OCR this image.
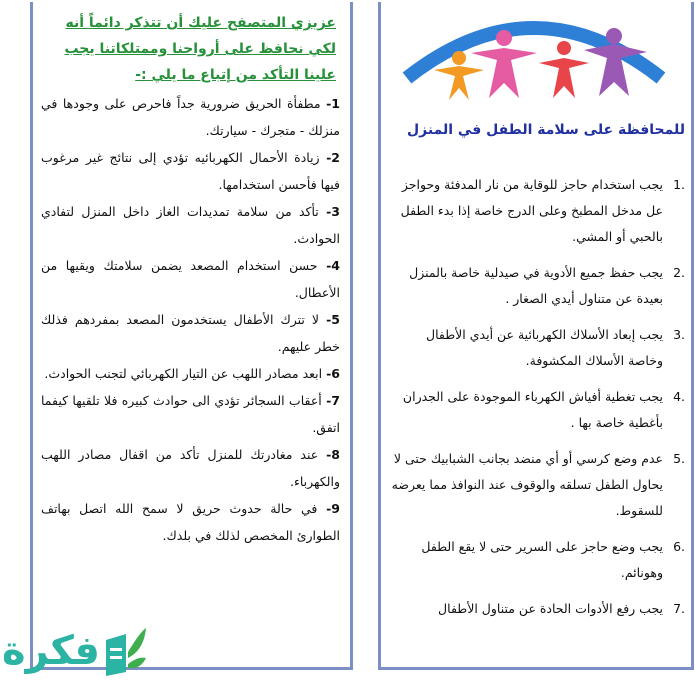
عزيزي المتصفح عليك أن تتذكر دائماً أنه لكي نحافظ على أرواحنا وممتلكاتنا يجب علينا التأكد من إتباع ما يلي :-
1- مطفأة الحريق ضرورية جداً فاحرص على وجودها في منزلك - متجرك - سيارتك.
2- زيادة الأحمال الكهربائيه تؤدي إلى نتائج غير مرغوب فيها فأحسن استخدامها.
3- تأكد من سلامة تمديدات الغاز داخل المنزل لتفادي الحوادث.
4- حسن استخدام المصعد يضمن سلامتك ويقيها من الأعطال.
5- لا تترك الأطفال يستخدمون المصعد بمفردهم فذلك خطر عليهم.
6- ابعد مصادر اللهب عن التيار الكهربائي لتجنب الحوادث.
7- أعقاب السجائر تؤدي الى حوادث كبيره فلا تلقيها كيفما اتفق.
8- عند مغادرتك للمنزل تأكد من اقفال مصادر اللهب والكهرباء.
9- في حالة حدوث حريق لا سمح الله اتصل بهاتف الطوارئ المخصص لذلك في بلدك.
للمحافظة على سلامة الطفل في المنزل
.1
يجب استخدام حاجز للوقاية من نار المدفئة وحواجز عل مدخل المطبخ وعلى الدرج خاصة إذا بدء الطفل بالحبي أو المشي.
.2
يجب حفظ جميع الأدوية في صيدلية خاصة بالمنزل بعيدة عن متناول أيدي الصغار .
.3
يجب إبعاد الأسلاك الكهربائية عن أيدي الأطفال وخاصة الأسلاك المكشوفة.
.4
يجب تغطية أفياش الكهرباء الموجودة على الجدران بأغطية خاصة بها .
.5
عدم وضع كرسي أو أي منضد بجانب الشبابيك حتى لا يحاول الطفل تسلقه والوقوف عند النوافذ مما يعرضه للسقوط.
.6
يجب وضع حاجز على السرير حتى لا يقع الطفل وهونائم.
.7
يجب رفع الأدوات الحادة عن متناول الأطفال
فكرة
